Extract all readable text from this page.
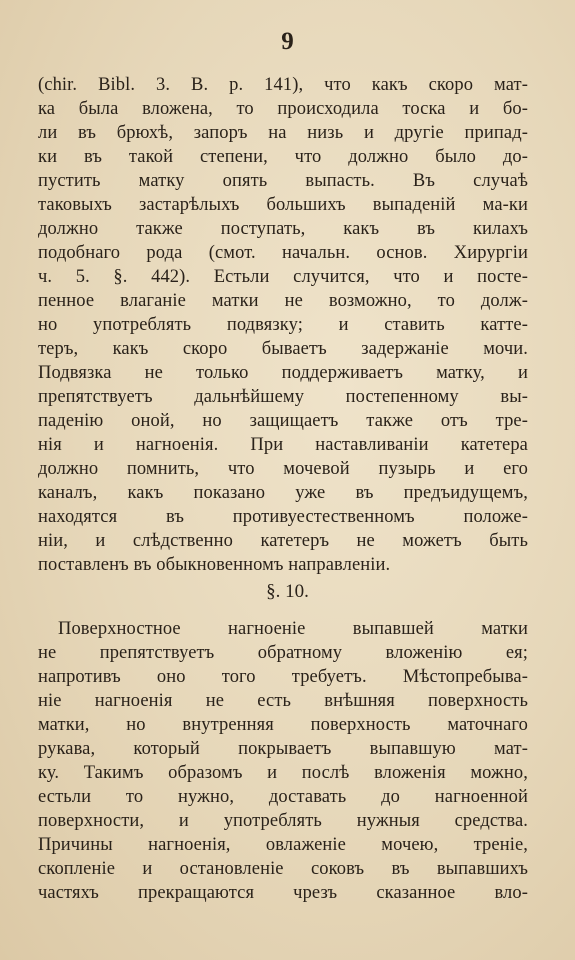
9
(chir. Bibl. 3. B. p. 141), что какъ скоро мат-
ка была вложена, то происходила тоска и бо-
ли въ брюхѣ, запоръ на низь и другіе припад-
ки въ такой степени, что должно было до-
пустить матку опять выпасть. Въ случаѣ
таковыхъ застарѣлыхъ большихъ выпаденій ма-ки
должно также поступать, какъ въ килахъ
подобнаго рода (смот. начальн. основ. Хирургіи
ч. 5. §. 442). Естьли случится, что и посте-
пенное влаганіе матки не возможно, то долж-
но употреблять подвязку; и ставить катте-
теръ, какъ скоро бываетъ задержаніе мочи.
Подвязка не только поддерживаетъ матку, и
препятствуетъ дальнѣйшему постепенному вы-
паденію оной, но защищаетъ также отъ тре-
нія и нагноенія. При наставливаніи катетера
должно помнить, что мочевой пузырь и его
каналъ, какъ показано уже въ предъидущемъ,
находятся въ противуестественномъ положе-
ніи, и слѣдственно катетеръ не можетъ быть
поставленъ въ обыкновенномъ направленіи.
§. 10.
Поверхностное нагноеніе выпавшей матки
не препятствуетъ обратному вложенію ея;
напротивъ оно того требуетъ. Мѣстопребыва-
ніе нагноенія не есть внѣшняя поверхность
матки, но внутренняя поверхность маточнаго
рукава, который покрываетъ выпавшую мат-
ку. Такимъ образомъ и послѣ вложенія можно,
естьли то нужно, доставать до нагноенной
поверхности, и употреблять нужныя средства.
Причины нагноенія, овлаженіе мочею, треніе,
скопленіе и остановленіе соковъ въ выпавшихъ
частяхъ прекращаются чрезъ сказанное вло-
